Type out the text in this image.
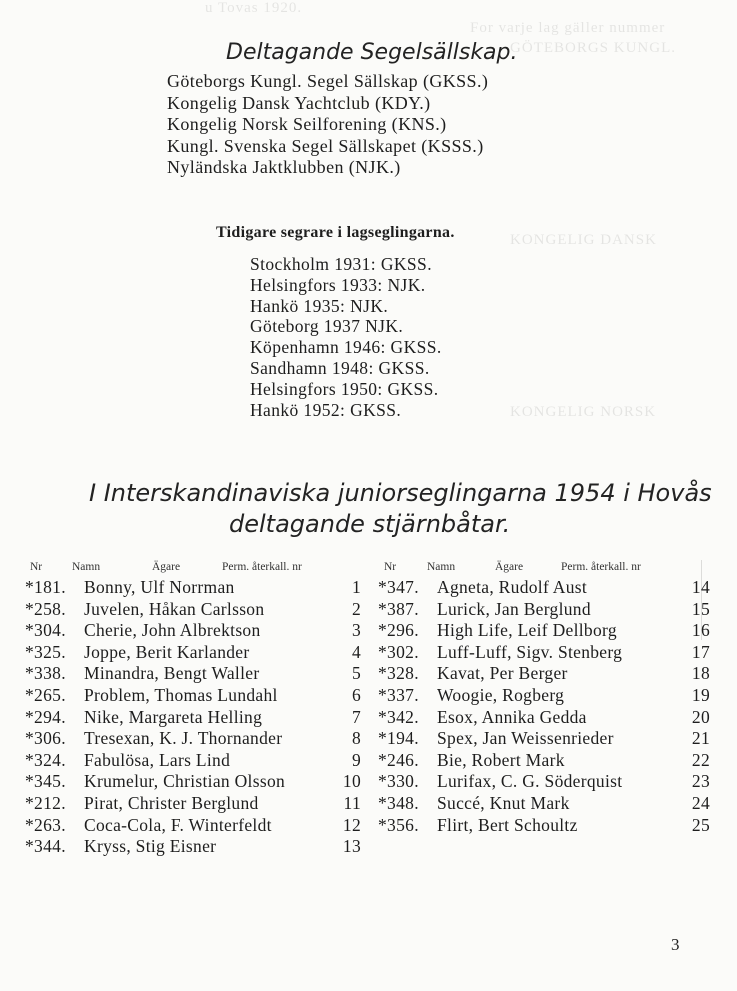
u Tovas 1920.
For varje lag gäller nummer
GÖTEBORGS KUNGL.
KONGELIG DANSK
KONGELIG NORSK
Deltagande Segelsällskap.
Göteborgs Kungl. Segel Sällskap (GKSS.)
Kongelig Dansk Yachtclub (KDY.)
Kongelig Norsk Seilforening (KNS.)
Kungl. Svenska Segel Sällskapet (KSSS.)
Nyländska Jaktklubben (NJK.)
Tidigare segrare i lagseglingarna.
Stockholm 1931: GKSS.
Helsingfors 1933: NJK.
Hankö 1935: NJK.
Göteborg 1937 NJK.
Köpenhamn 1946: GKSS.
Sandhamn 1948: GKSS.
Helsingfors 1950: GKSS.
Hankö 1952: GKSS.
I Interskandinaviska juniorseglingarna 1954 i Hovås
deltagande stjärnbåtar.
Nr	Namn	Ägare	Perm. återkall. nr
*181. Bonny, Ulf Norrman	1
*258. Juvelen, Håkan Carlsson	2
*304. Cherie, John Albrektson	3
*325. Joppe, Berit Karlander	4
*338. Minandra, Bengt Waller	5
*265. Problem, Thomas Lundahl	6
*294. Nike, Margareta Helling	7
*306. Tresexan, K. J. Thornander	8
*324. Fabulösa, Lars Lind	9
*345. Krumelur, Christian Olsson	10
*212. Pirat, Christer Berglund	11
*263. Coca-Cola, F. Winterfeldt	12
*344. Kryss, Stig Eisner	13
Nr	Namn	Ägare	Perm. återkall. nr
*347. Agneta, Rudolf Aust	14
*387. Lurick, Jan Berglund	15
*296. High Life, Leif Dellborg	16
*302. Luff-Luff, Sigv. Stenberg	17
*328. Kavat, Per Berger	18
*337. Woogie, Rogberg	19
*342. Esox, Annika Gedda	20
*194. Spex, Jan Weissenrieder	21
*246. Bie, Robert Mark	22
*330. Lurifax, C. G. Söderquist	23
*348. Succé, Knut Mark	24
*356. Flirt, Bert Schoultz	25
3
